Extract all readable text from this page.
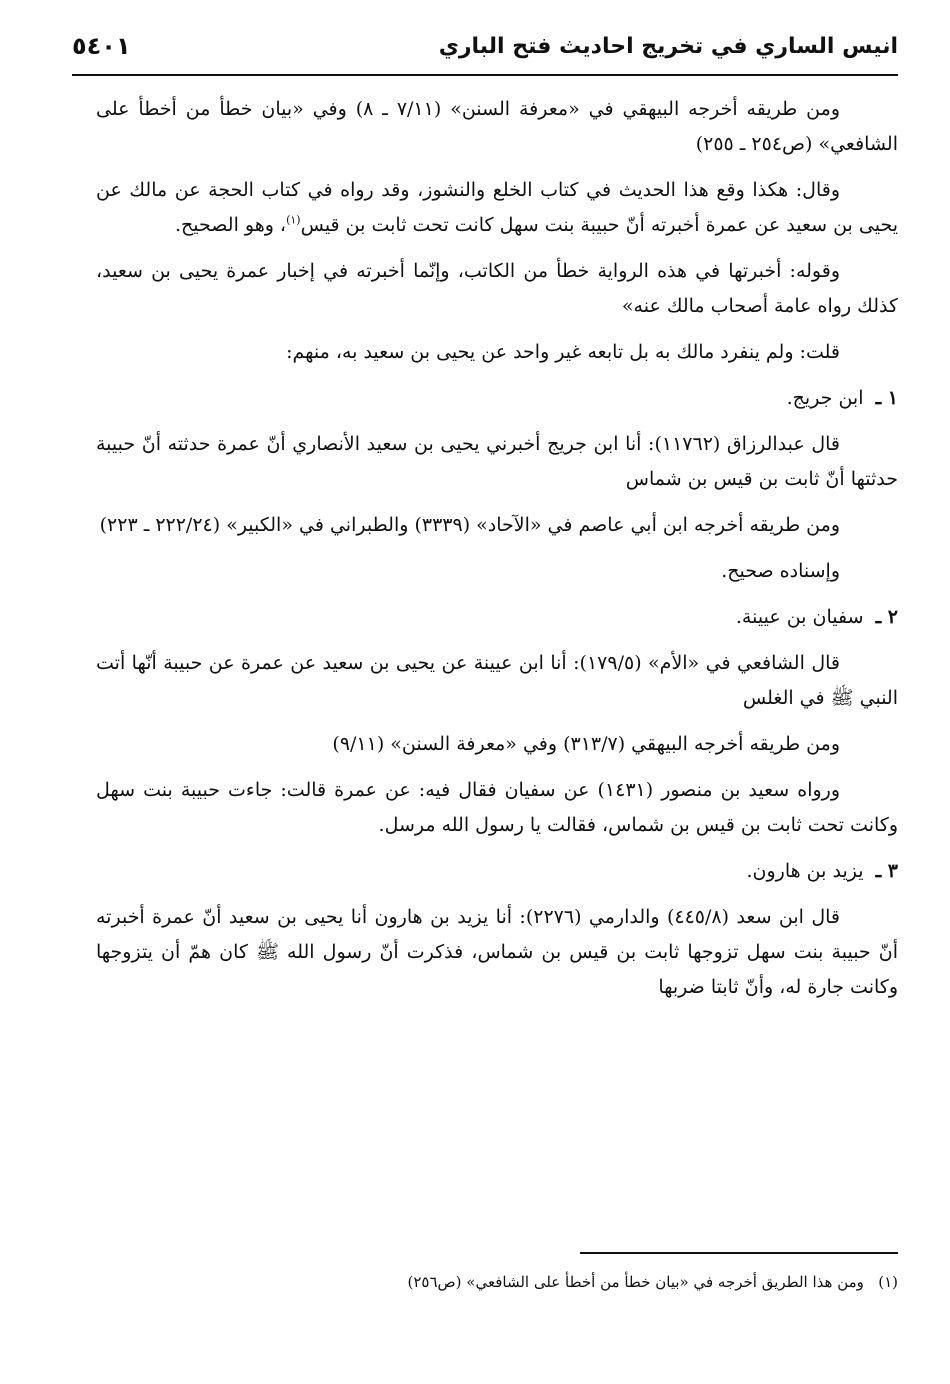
انيس الساري في تخريج احاديث فتح الباري
٥٤٠١

ومن طريقه أخرجه البيهقي في «معرفة السنن» (٧/١١ ـ ٨) وفي «بيان خطأ من أخطأ على الشافعي» (ص٢٥٤ ـ ٢٥٥)

وقال: هكذا وقع هذا الحديث في كتاب الخلع والنشوز، وقد رواه في كتاب الحجة عن مالك عن يحيى بن سعيد عن عمرة أخبرته أنّ حبيبة بنت سهل كانت تحت ثابت بن قيس$^{(١)}$، وهو الصحيح.

وقوله: أخبرتها في هذه الرواية خطأ من الكاتب، وإنّما أخبرته في إخبار عمرة يحيى بن سعيد، كذلك رواه عامة أصحاب مالك عنه»

قلت: ولم ينفرد مالك به بل تابعه غير واحد عن يحيى بن سعيد به، منهم:

١ ـ  ابن جريج.

قال عبدالرزاق (١١٧٦٢): أنا ابن جريج أخبرني يحيى بن سعيد الأنصاري أنّ عمرة حدثته أنّ حبيبة حدثتها أنّ ثابت بن قيس بن شماس

ومن طريقه أخرجه ابن أبي عاصم في «الآحاد» (٣٣٣٩) والطبراني في «الكبير» (٢٢٢/٢٤ ـ ٢٢٣)

وإسناده صحيح.

٢ ـ  سفيان بن عيينة.

قال الشافعي في «الأم» (١٧٩/٥): أنا ابن عيينة عن يحيى بن سعيد عن عمرة عن حبيبة أنّها أتت النبي ﷺ في الغلس

ومن طريقه أخرجه البيهقي (٣١٣/٧) وفي «معرفة السنن» (٩/١١)

ورواه سعيد بن منصور (١٤٣١) عن سفيان فقال فيه: عن عمرة قالت: جاءت حبيبة بنت سهل وكانت تحت ثابت بن قيس بن شماس، فقالت يا رسول الله مرسل.

٣ ـ  يزيد بن هارون.

قال ابن سعد (٤٤٥/٨) والدارمي (٢٢٧٦): أنا يزيد بن هارون أنا يحيى بن سعيد أنّ عمرة أخبرته أنّ حبيبة بنت سهل تزوجها ثابت بن قيس بن شماس، فذكرت أنّ رسول الله ﷺ كان همّ أن يتزوجها وكانت جارة له، وأنّ ثابتا ضربها

(١)   ومن هذا الطريق أخرجه في «بيان خطأ من أخطأ على الشافعي» (ص٢٥٦)
